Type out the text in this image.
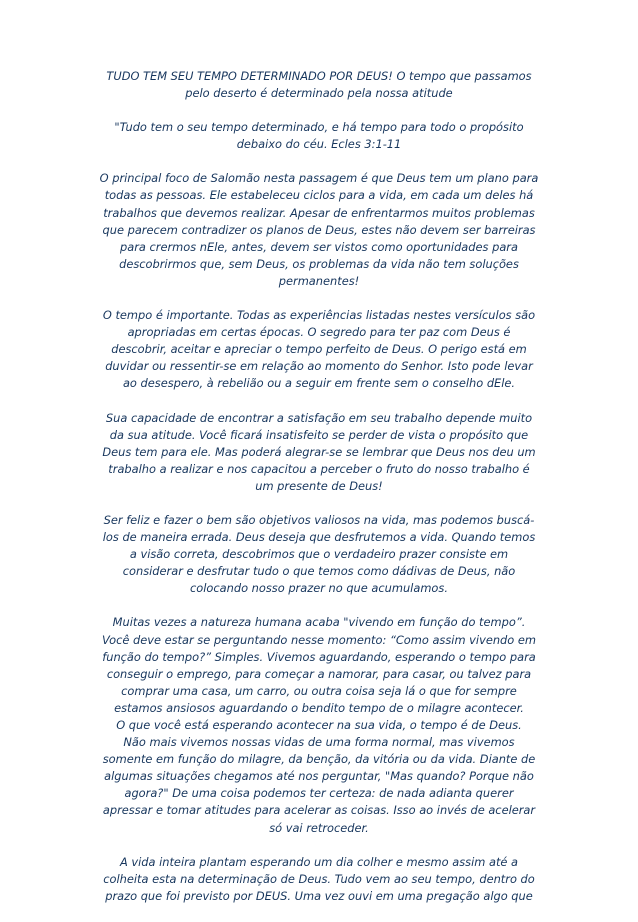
TUDO TEM SEU TEMPO DETERMINADO POR DEUS! O tempo que passamos
pelo deserto é determinado pela nossa atitude

"Tudo tem o seu tempo determinado, e há tempo para todo o propósito
debaixo do céu. Ecles 3:1-11

O principal foco de Salomão nesta passagem é que Deus tem um plano para
todas as pessoas. Ele estabeleceu ciclos para a vida, em cada um deles há
trabalhos que devemos realizar. Apesar de enfrentarmos muitos problemas
que parecem contradizer os planos de Deus, estes não devem ser barreiras
para crermos nEle, antes, devem ser vistos como oportunidades para
descobrirmos que, sem Deus, os problemas da vida não tem soluções
permanentes!

O tempo é importante. Todas as experiências listadas nestes versículos são
apropriadas em certas épocas. O segredo para ter paz com Deus é
descobrir, aceitar e apreciar o tempo perfeito de Deus. O perigo está em
duvidar ou ressentir-se em relação ao momento do Senhor. Isto pode levar
ao desespero, à rebelião ou a seguir em frente sem o conselho dEle.

Sua capacidade de encontrar a satisfação em seu trabalho depende muito
da sua atitude. Você ficará insatisfeito se perder de vista o propósito que
Deus tem para ele. Mas poderá alegrar-se se lembrar que Deus nos deu um
trabalho a realizar e nos capacitou a perceber o fruto do nosso trabalho é
um presente de Deus!

Ser feliz e fazer o bem são objetivos valiosos na vida, mas podemos buscá-
los de maneira errada. Deus deseja que desfrutemos a vida. Quando temos
a visão correta, descobrimos que o verdadeiro prazer consiste em
considerar e desfrutar tudo o que temos como dádivas de Deus, não
colocando nosso prazer no que acumulamos.

Muitas vezes a natureza humana acaba "vivendo em função do tempo”.
Você deve estar se perguntando nesse momento: “Como assim vivendo em
função do tempo?” Simples. Vivemos aguardando, esperando o tempo para
conseguir o emprego, para começar a namorar, para casar, ou talvez para
comprar uma casa, um carro, ou outra coisa seja lá o que for sempre
estamos ansiosos aguardando o bendito tempo de o milagre acontecer.
O que você está esperando acontecer na sua vida, o tempo é de Deus.
Não mais vivemos nossas vidas de uma forma normal, mas vivemos
somente em função do milagre, da benção, da vitória ou da vida. Diante de
algumas situações chegamos até nos perguntar, "Mas quando? Porque não
agora?" De uma coisa podemos ter certeza: de nada adianta querer
apressar e tomar atitudes para acelerar as coisas. Isso ao invés de acelerar
só vai retroceder.

A vida inteira plantam esperando um dia colher e mesmo assim até a
colheita esta na determinação de Deus. Tudo vem ao seu tempo, dentro do
prazo que foi previsto por DEUS. Uma vez ouvi em uma pregação algo que
